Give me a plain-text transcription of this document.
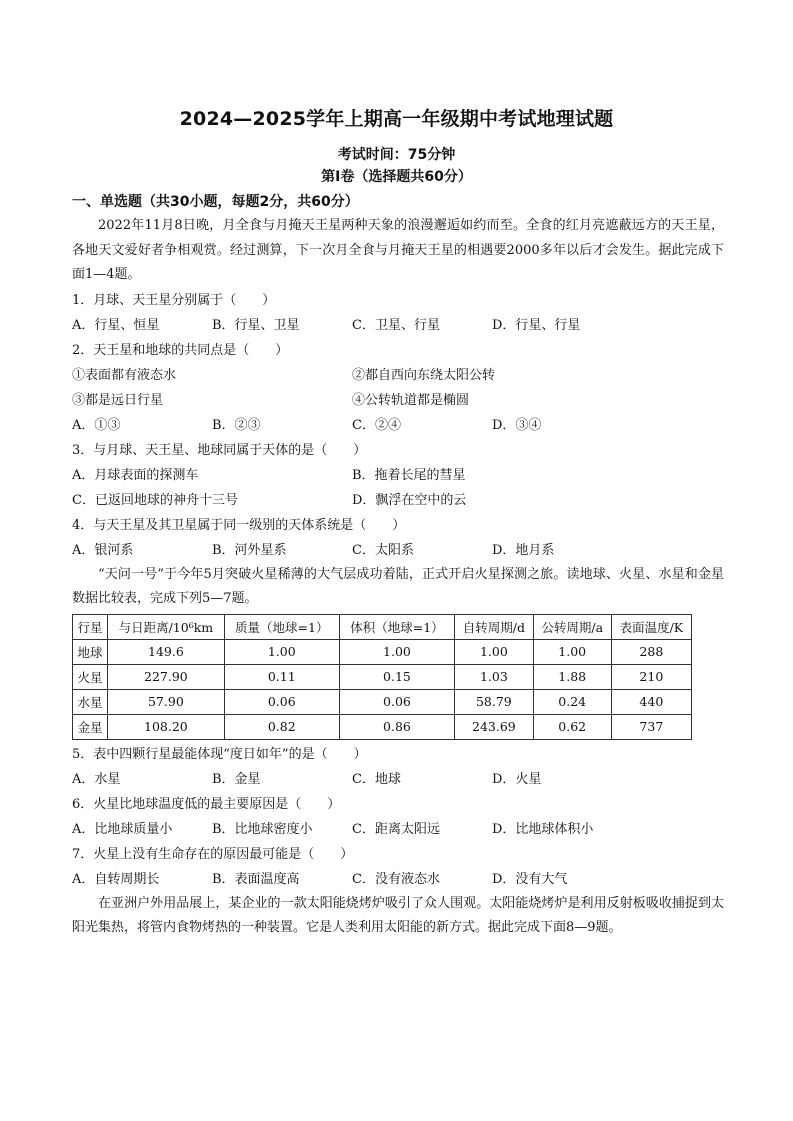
2024—2025学年上期高一年级期中考试地理试题
考试时间：75分钟
第Ⅰ卷（选择题共60分）
一、单选题（共30小题，每题2分，共60分）
2022年11月8日晚，月全食与月掩天王星两种天象的浪漫邂逅如约而至。全食的红月亮遮蔽远方的天王星，各地天文爱好者争相观赏。经过测算，下一次月全食与月掩天王星的相遇要2000多年以后才会发生。据此完成下面1—4题。
1．月球、天王星分别属于（　　）
A．行星、恒星	B．行星、卫星	C．卫星、行星	D．行星、行星
2．天王星和地球的共同点是（　　）
①表面都有液态水	②都自西向东绕太阳公转
③都是远日行星	④公转轨道都是椭圆
A．①③	B．②③	C．②④	D．③④
3．与月球、天王星、地球同属于天体的是（　　）
A．月球表面的探测车	B．拖着长尾的彗星
C．已返回地球的神舟十三号	D．飘浮在空中的云
4．与天王星及其卫星属于同一级别的天体系统是（　　）
A．银河系	B．河外星系	C．太阳系	D．地月系
“天问一号”于今年5月突破火星稀薄的大气层成功着陆，正式开启火星探测之旅。读地球、火星、水星和金星数据比较表，完成下列5—7题。
行星	与日距离/10⁶km	质量（地球=1）	体积（地球=1）	自转周期/d	公转周期/a	表面温度/K
地球	149.6	1.00	1.00	1.00	1.00	288
火星	227.90	0.11	0.15	1.03	1.88	210
水星	57.90	0.06	0.06	58.79	0.24	440
金星	108.20	0.82	0.86	243.69	0.62	737
5．表中四颗行星最能体现“度日如年”的是（　　）
A．水星	B．金星	C．地球	D．火星
6．火星比地球温度低的最主要原因是（　　）
A．比地球质量小	B．比地球密度小	C．距离太阳远	D．比地球体积小
7．火星上没有生命存在的原因最可能是（　　）
A．自转周期长	B．表面温度高	C．没有液态水	D．没有大气
在亚洲户外用品展上，某企业的一款太阳能烧烤炉吸引了众人围观。太阳能烧烤炉是利用反射板吸收捕捉到太阳光集热，将管内食物烤热的一种装置。它是人类利用太阳能的新方式。据此完成下面8—9题。
